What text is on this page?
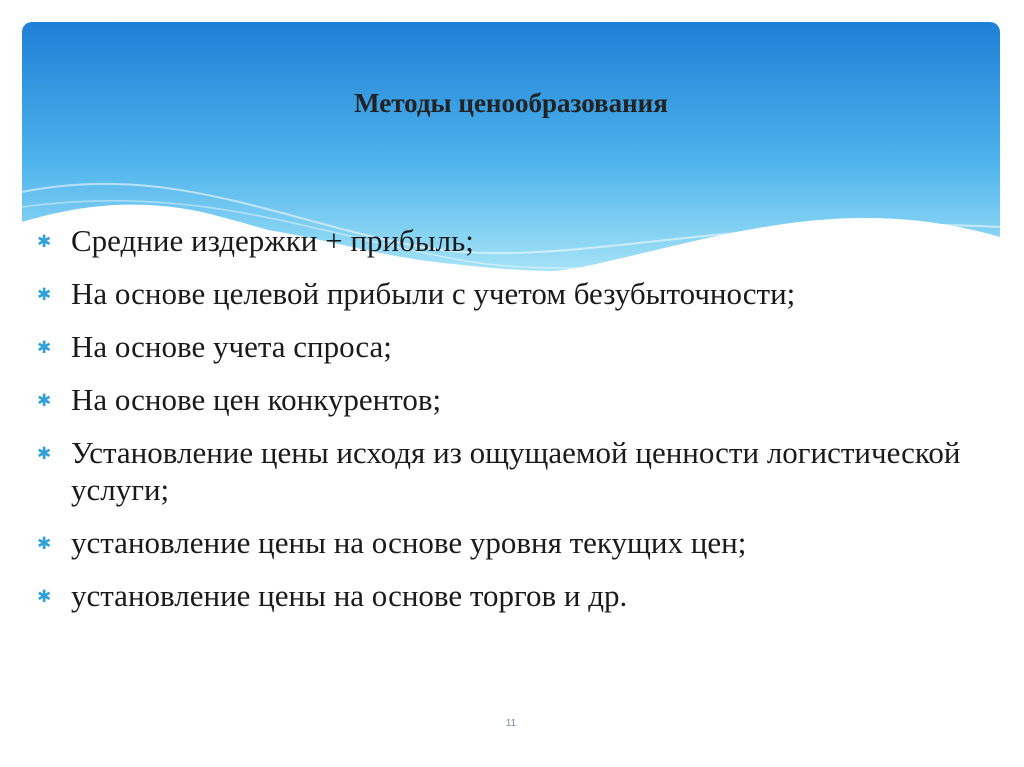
Методы ценообразования
✱ Средние издержки + прибыль;
✱ На основе целевой прибыли с учетом безубыточности;
✱ На основе учета спроса;
✱ На основе цен конкурентов;
✱ Установление цены исходя из ощущаемой ценности логистической услуги;
✱ установление цены на основе уровня текущих цен;
✱ установление цены на основе торгов и др.
11
